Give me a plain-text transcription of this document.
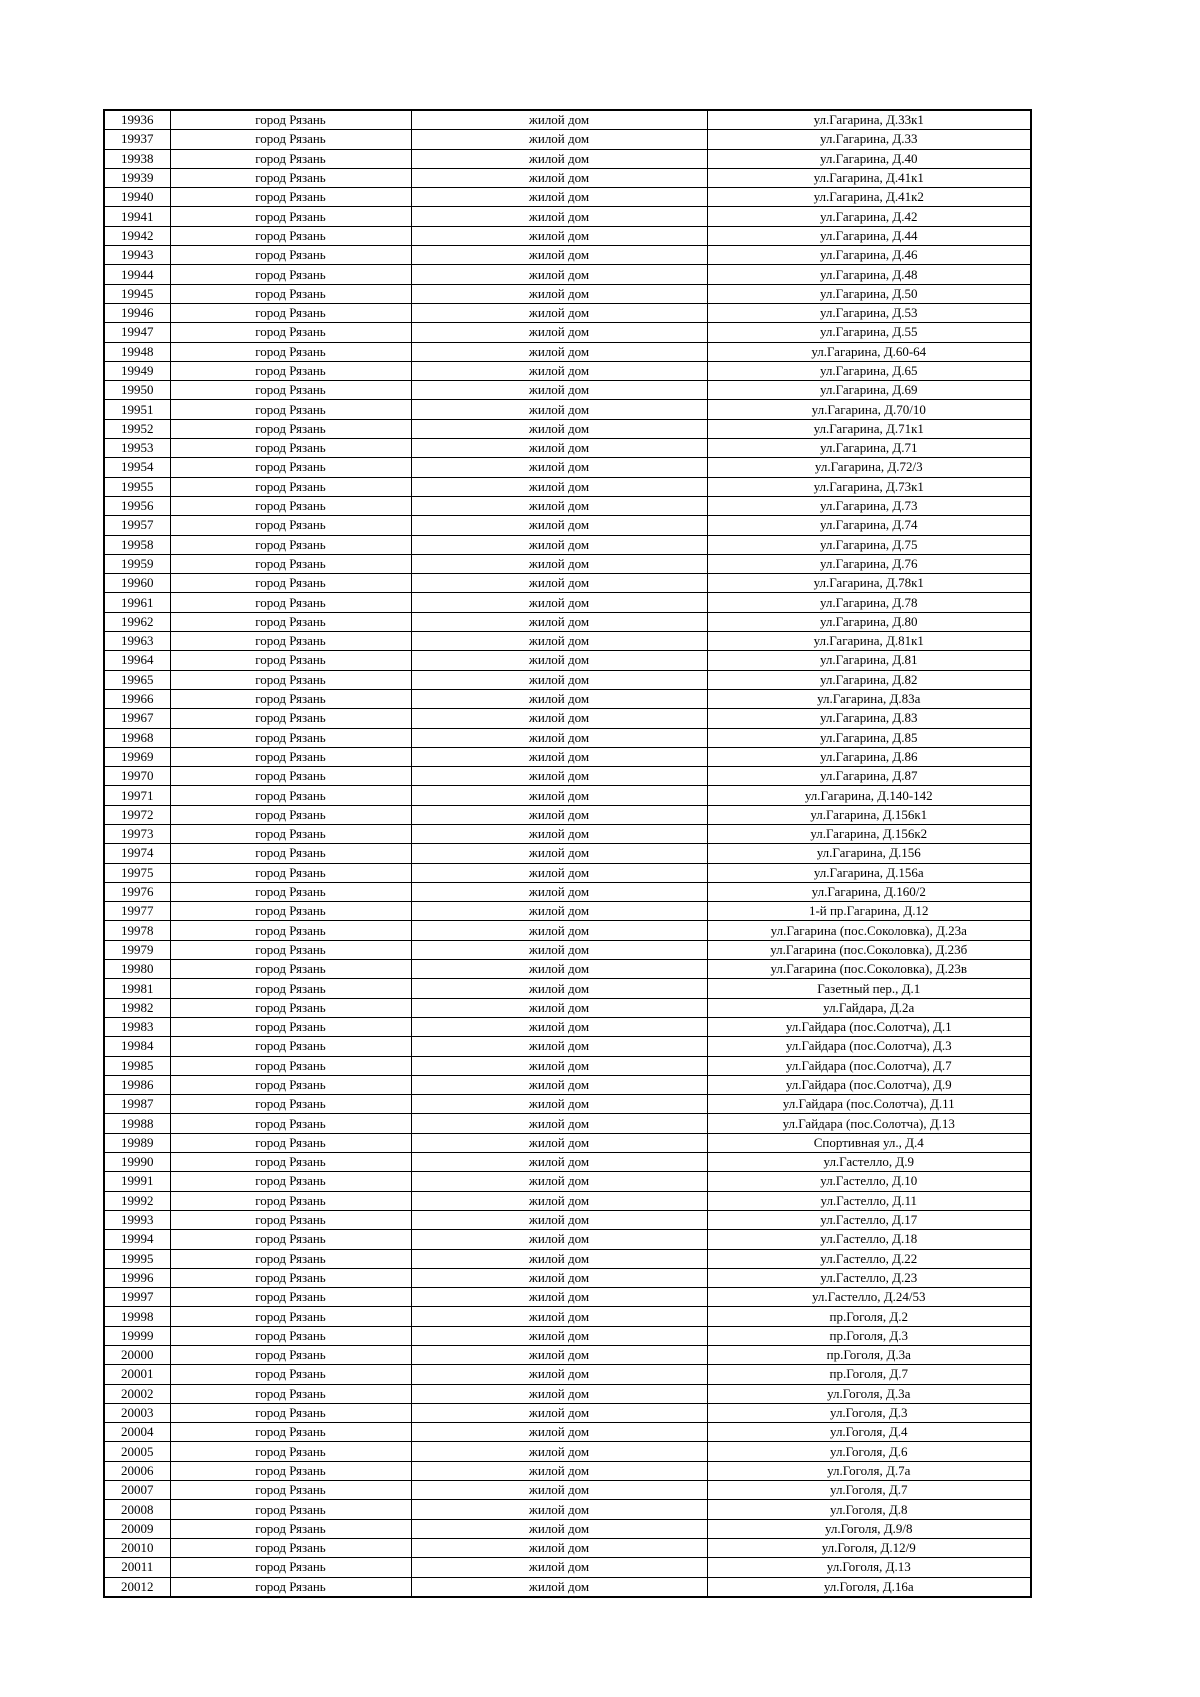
19936	город Рязань	жилой дом	ул.Гагарина, Д.33к1
19937	город Рязань	жилой дом	ул.Гагарина, Д.33
19938	город Рязань	жилой дом	ул.Гагарина, Д.40
19939	город Рязань	жилой дом	ул.Гагарина, Д.41к1
19940	город Рязань	жилой дом	ул.Гагарина, Д.41к2
19941	город Рязань	жилой дом	ул.Гагарина, Д.42
19942	город Рязань	жилой дом	ул.Гагарина, Д.44
19943	город Рязань	жилой дом	ул.Гагарина, Д.46
19944	город Рязань	жилой дом	ул.Гагарина, Д.48
19945	город Рязань	жилой дом	ул.Гагарина, Д.50
19946	город Рязань	жилой дом	ул.Гагарина, Д.53
19947	город Рязань	жилой дом	ул.Гагарина, Д.55
19948	город Рязань	жилой дом	ул.Гагарина, Д.60-64
19949	город Рязань	жилой дом	ул.Гагарина, Д.65
19950	город Рязань	жилой дом	ул.Гагарина, Д.69
19951	город Рязань	жилой дом	ул.Гагарина, Д.70/10
19952	город Рязань	жилой дом	ул.Гагарина, Д.71к1
19953	город Рязань	жилой дом	ул.Гагарина, Д.71
19954	город Рязань	жилой дом	ул.Гагарина, Д.72/3
19955	город Рязань	жилой дом	ул.Гагарина, Д.73к1
19956	город Рязань	жилой дом	ул.Гагарина, Д.73
19957	город Рязань	жилой дом	ул.Гагарина, Д.74
19958	город Рязань	жилой дом	ул.Гагарина, Д.75
19959	город Рязань	жилой дом	ул.Гагарина, Д.76
19960	город Рязань	жилой дом	ул.Гагарина, Д.78к1
19961	город Рязань	жилой дом	ул.Гагарина, Д.78
19962	город Рязань	жилой дом	ул.Гагарина, Д.80
19963	город Рязань	жилой дом	ул.Гагарина, Д.81к1
19964	город Рязань	жилой дом	ул.Гагарина, Д.81
19965	город Рязань	жилой дом	ул.Гагарина, Д.82
19966	город Рязань	жилой дом	ул.Гагарина, Д.83а
19967	город Рязань	жилой дом	ул.Гагарина, Д.83
19968	город Рязань	жилой дом	ул.Гагарина, Д.85
19969	город Рязань	жилой дом	ул.Гагарина, Д.86
19970	город Рязань	жилой дом	ул.Гагарина, Д.87
19971	город Рязань	жилой дом	ул.Гагарина, Д.140-142
19972	город Рязань	жилой дом	ул.Гагарина, Д.156к1
19973	город Рязань	жилой дом	ул.Гагарина, Д.156к2
19974	город Рязань	жилой дом	ул.Гагарина, Д.156
19975	город Рязань	жилой дом	ул.Гагарина, Д.156а
19976	город Рязань	жилой дом	ул.Гагарина, Д.160/2
19977	город Рязань	жилой дом	1-й пр.Гагарина, Д.12
19978	город Рязань	жилой дом	ул.Гагарина (пос.Соколовка), Д.23а
19979	город Рязань	жилой дом	ул.Гагарина (пос.Соколовка), Д.23б
19980	город Рязань	жилой дом	ул.Гагарина (пос.Соколовка), Д.23в
19981	город Рязань	жилой дом	Газетный пер., Д.1
19982	город Рязань	жилой дом	ул.Гайдара, Д.2а
19983	город Рязань	жилой дом	ул.Гайдара (пос.Солотча), Д.1
19984	город Рязань	жилой дом	ул.Гайдара (пос.Солотча), Д.3
19985	город Рязань	жилой дом	ул.Гайдара (пос.Солотча), Д.7
19986	город Рязань	жилой дом	ул.Гайдара (пос.Солотча), Д.9
19987	город Рязань	жилой дом	ул.Гайдара (пос.Солотча), Д.11
19988	город Рязань	жилой дом	ул.Гайдара (пос.Солотча), Д.13
19989	город Рязань	жилой дом	Спортивная ул., Д.4
19990	город Рязань	жилой дом	ул.Гастелло, Д.9
19991	город Рязань	жилой дом	ул.Гастелло, Д.10
19992	город Рязань	жилой дом	ул.Гастелло, Д.11
19993	город Рязань	жилой дом	ул.Гастелло, Д.17
19994	город Рязань	жилой дом	ул.Гастелло, Д.18
19995	город Рязань	жилой дом	ул.Гастелло, Д.22
19996	город Рязань	жилой дом	ул.Гастелло, Д.23
19997	город Рязань	жилой дом	ул.Гастелло, Д.24/53
19998	город Рязань	жилой дом	пр.Гоголя, Д.2
19999	город Рязань	жилой дом	пр.Гоголя, Д.3
20000	город Рязань	жилой дом	пр.Гоголя, Д.3а
20001	город Рязань	жилой дом	пр.Гоголя, Д.7
20002	город Рязань	жилой дом	ул.Гоголя, Д.3а
20003	город Рязань	жилой дом	ул.Гоголя, Д.3
20004	город Рязань	жилой дом	ул.Гоголя, Д.4
20005	город Рязань	жилой дом	ул.Гоголя, Д.6
20006	город Рязань	жилой дом	ул.Гоголя, Д.7а
20007	город Рязань	жилой дом	ул.Гоголя, Д.7
20008	город Рязань	жилой дом	ул.Гоголя, Д.8
20009	город Рязань	жилой дом	ул.Гоголя, Д.9/8
20010	город Рязань	жилой дом	ул.Гоголя, Д.12/9
20011	город Рязань	жилой дом	ул.Гоголя, Д.13
20012	город Рязань	жилой дом	ул.Гоголя, Д.16а
